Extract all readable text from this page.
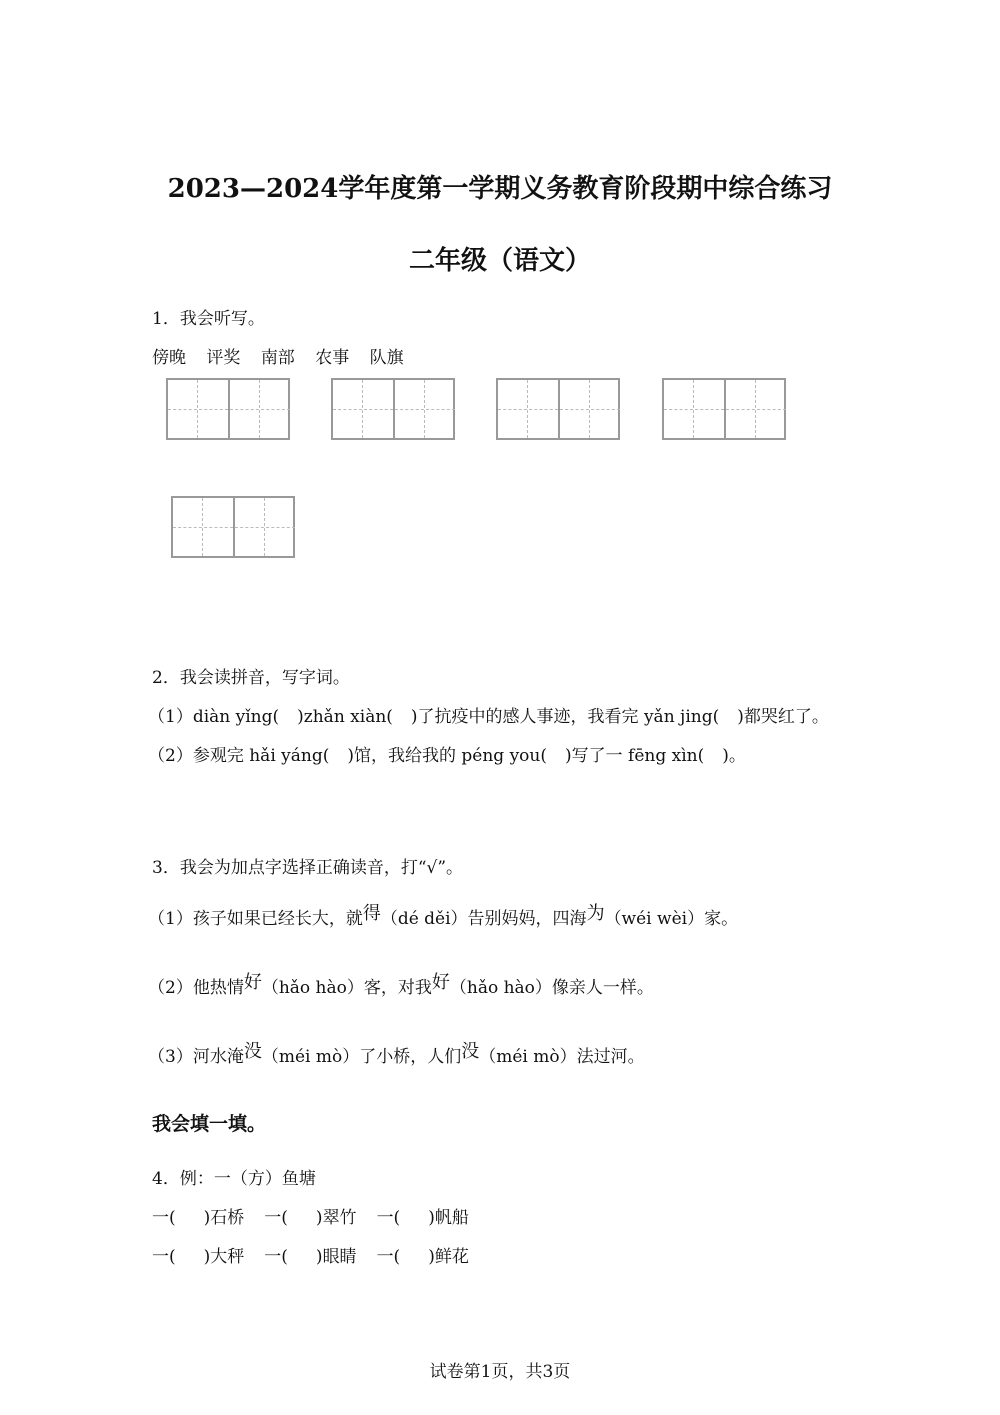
2023—2024学年度第一学期义务教育阶段期中综合练习
二年级（语文）
1．我会听写。
傍晚 评奖 南部 农事 队旗
2．我会读拼音，写字词。
（1）diàn yǐng( )zhǎn xiàn( )了抗疫中的感人事迹，我看完 yǎn jing( )都哭红了。
（2）参观完 hǎi yáng( )馆，我给我的 péng you( )写了一 fēng xìn( )。
3．我会为加点字选择正确读音，打“√”。
（1）孩子如果已经长大，就得（dé děi）告别妈妈，四海为（wéi wèi）家。
（2）他热情好（hǎo hào）客，对我好（hǎo hào）像亲人一样。
（3）河水淹没（méi mò）了小桥，人们没（méi mò）法过河。
我会填一填。
4．例：一（方）鱼塘
一( )石桥 一( )翠竹 一( )帆船
一( )大秤 一( )眼睛 一( )鲜花
试卷第1页，共3页
